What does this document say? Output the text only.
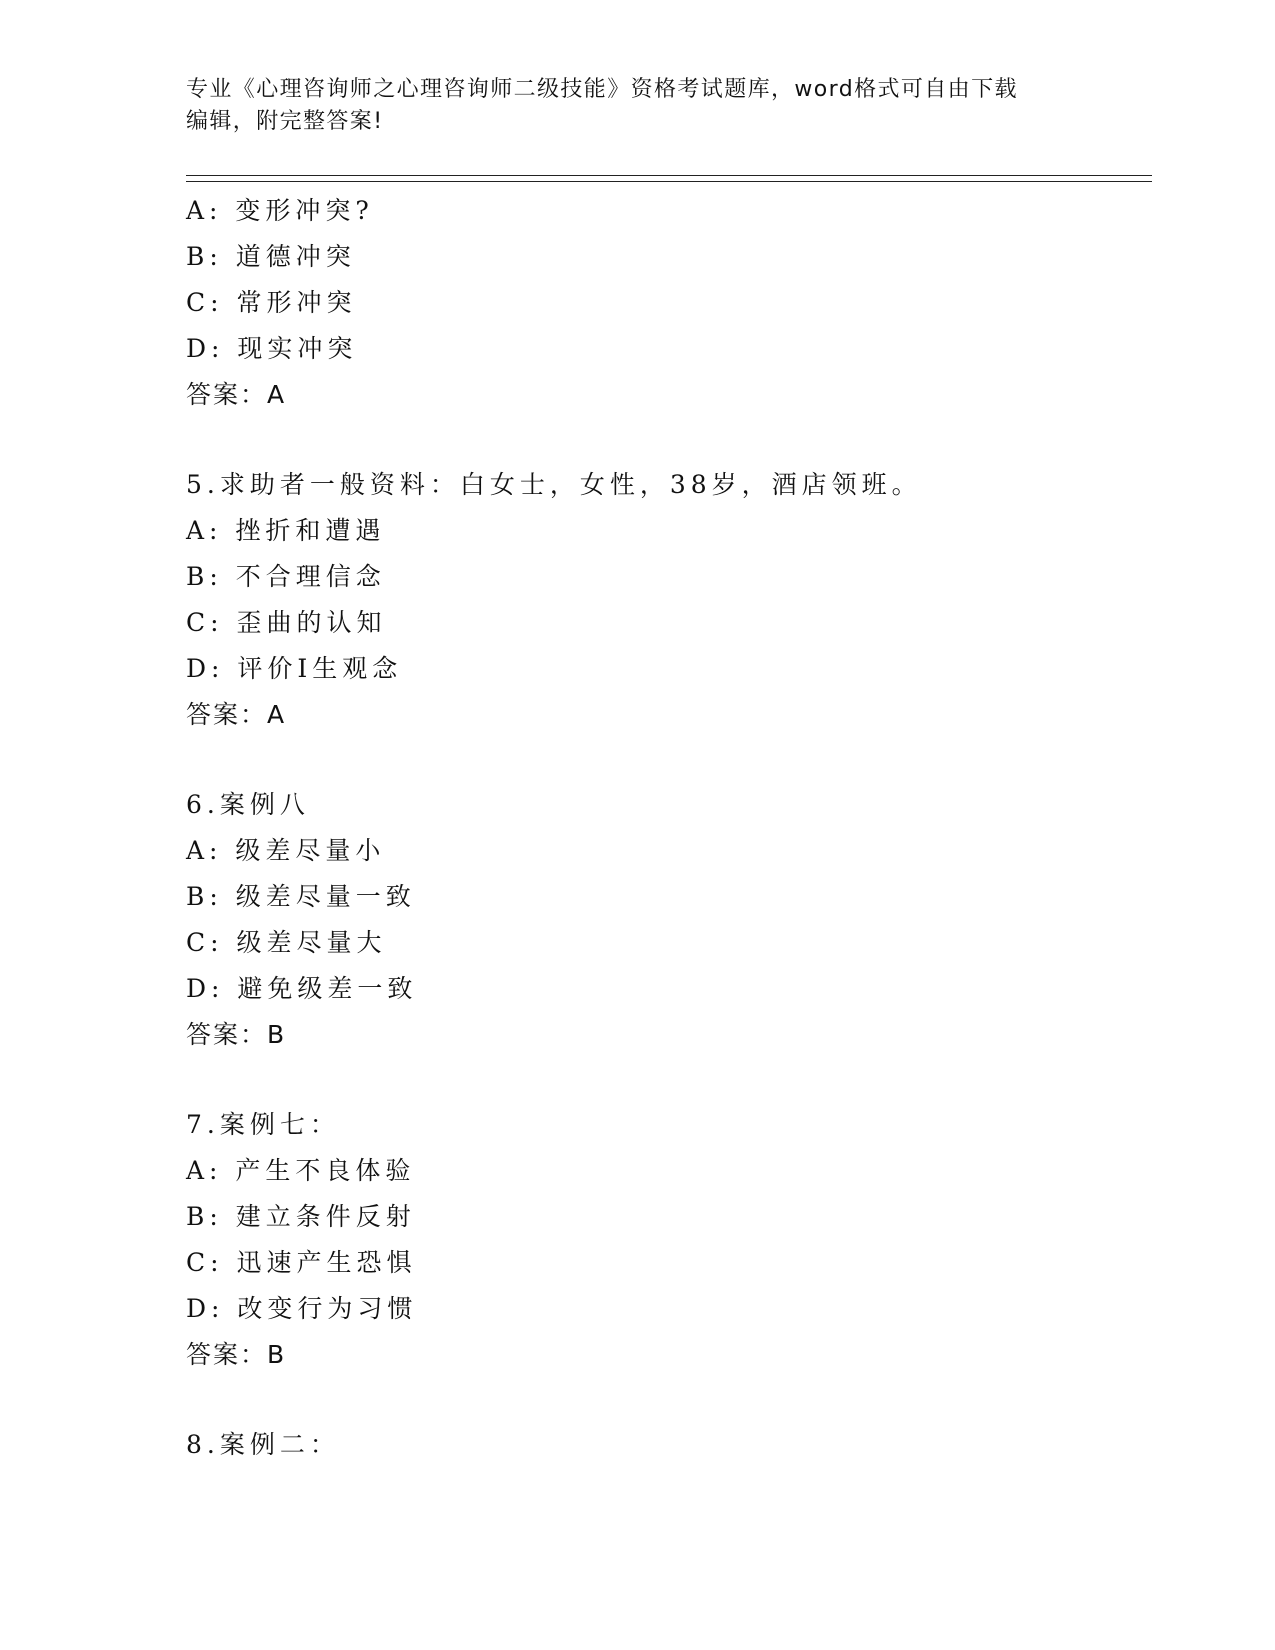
专业《心理咨询师之心理咨询师二级技能》资格考试题库，word格式可自由下载
编辑，附完整答案!
A: 变形冲突?
B: 道德冲突
C: 常形冲突
D: 现实冲突
答案：A
5.求助者一般资料：白女士，女性，38岁，酒店领班。
A: 挫折和遭遇
B: 不合理信念
C: 歪曲的认知
D: 评价I生观念
答案：A
6.案例八
A: 级差尽量小
B: 级差尽量一致
C: 级差尽量大
D: 避免级差一致
答案：B
7.案例七：
A: 产生不良体验
B: 建立条件反射
C: 迅速产生恐惧
D: 改变行为习惯
答案：B
8.案例二：
